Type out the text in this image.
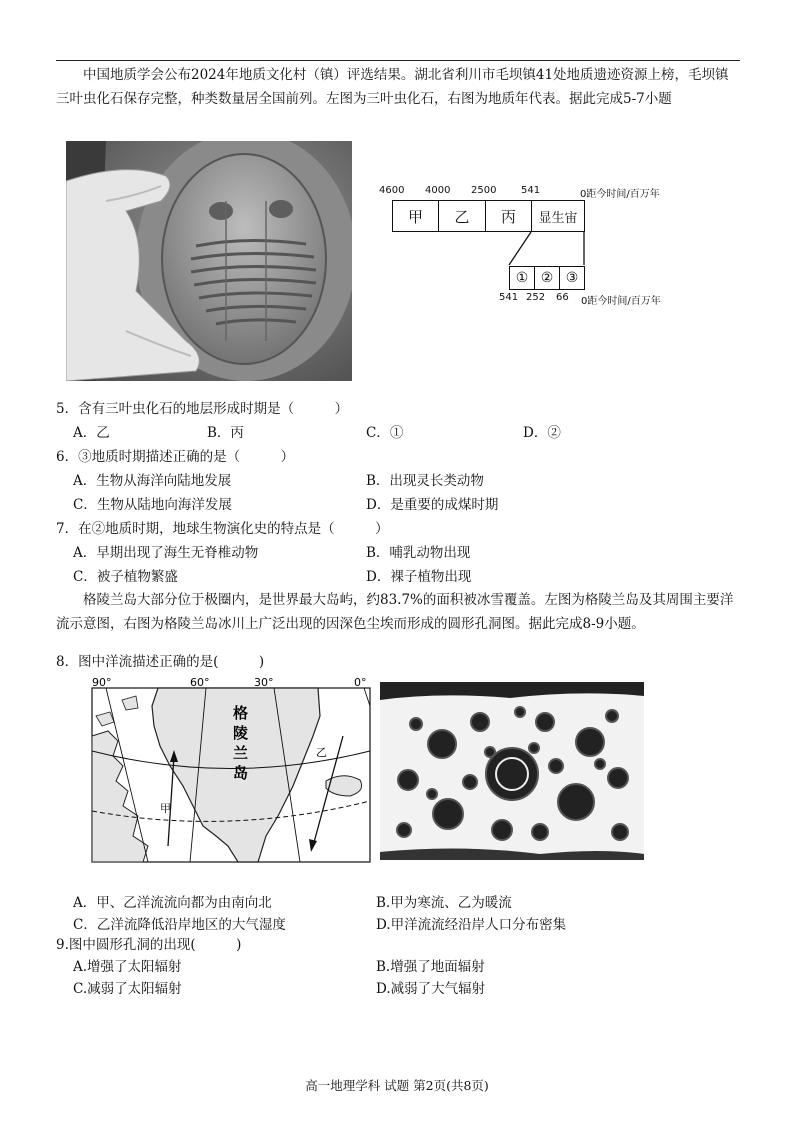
中国地质学会公布2024年地质文化村（镇）评选结果。湖北省利川市毛坝镇41处地质遗迹资源上榜，毛坝镇三叶虫化石保存完整，种类数量居全国前列。左图为三叶虫化石，右图为地质年代表。据此完成5-7小题

4600 4000 2500 541	0距今时间/百万年
甲	乙	丙	显生宙
① ② ③
541 252 66 0距今时间/百万年
5．含有三叶虫化石的地层形成时期是（　　　）
A．乙	B．丙	C．①	D．②
6．③地质时期描述正确的是（　　　）
A．生物从海洋向陆地发展	B．出现灵长类动物
C．生物从陆地向海洋发展	D．是重要的成煤时期
7．在②地质时期，地球生物演化史的特点是（　　　）
A．早期出现了海生无脊椎动物	B．哺乳动物出现
C．被子植物繁盛	D．裸子植物出现

格陵兰岛大部分位于极圈内，是世界最大岛屿，约83.7%的面积被冰雪覆盖。左图为格陵兰岛及其周围主要洋流示意图，右图为格陵兰岛冰川上广泛出现的因深色尘埃而形成的圆形孔洞图。据此完成8-9小题。

8．图中洋流描述正确的是(　　　)
90°	60°	30°	0°
格
陵
兰
岛
甲
乙
A．甲、乙洋流流向都为由南向北	B.甲为寒流、乙为暖流
C．乙洋流降低沿岸地区的大气湿度	D.甲洋流流经沿岸人口分布密集
9.图中圆形孔洞的出现(　　　)
A.增强了太阳辐射	B.增强了地面辐射
C.减弱了太阳辐射	D.减弱了大气辐射
高一地理学科 试题 第2页(共8页)
